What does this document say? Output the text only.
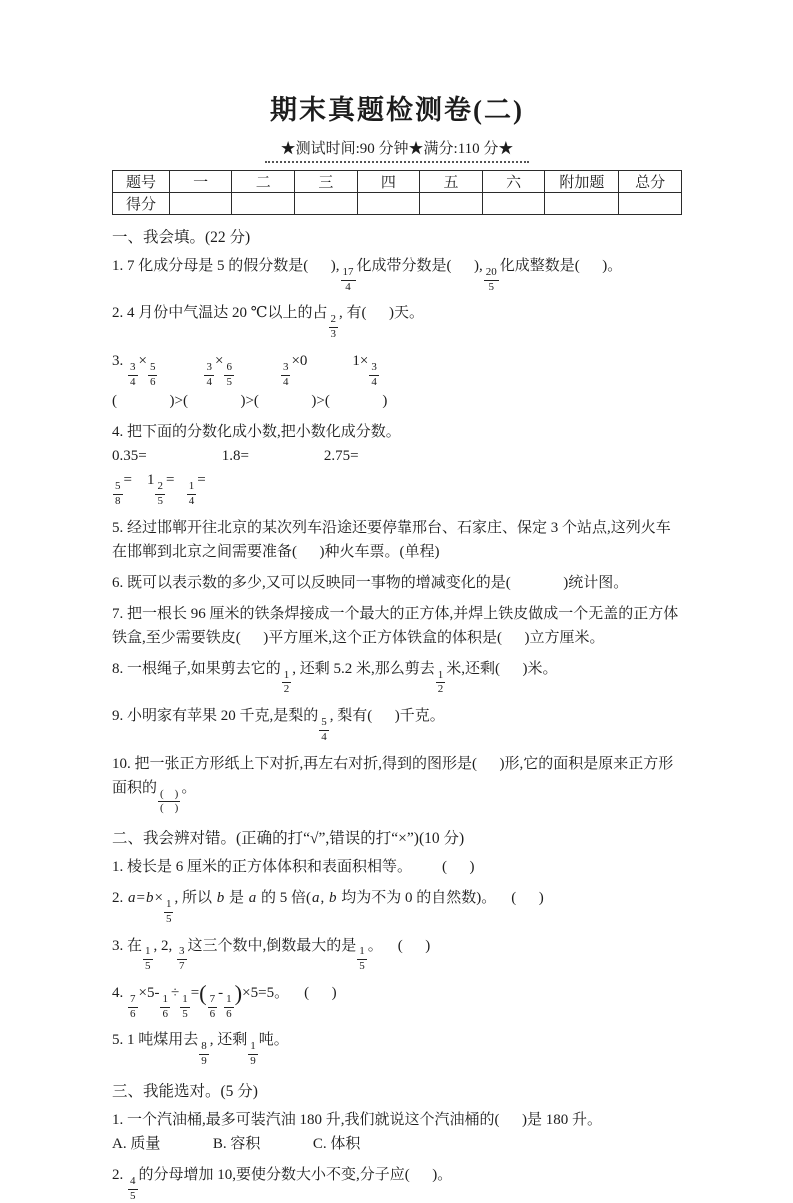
期末真题检测卷(二)
★测试时间:90 分钟★满分:110 分★
题号	一	二	三	四	五	六	附加题	总分
得分								
一、我会填。(22 分)
1. 7 化成分母是 5 的假分数是(      ), $\frac{17}{4}$ 化成带分数是(      ), $\frac{20}{5}$ 化成整数是(      )。
2. 4 月份中气温达 20 ℃以上的占 $\frac{2}{3}$ , 有(      )天。
3. $\frac{3}{4} \times \frac{5}{6}$
	$\frac{3}{4} \times \frac{6}{5}$
	$\frac{3}{4} \times 0$            $1\times \frac{3}{4}$
(              )>(              )>(              )>(              )
4. 把下面的分数化成小数,把小数化成分数。
0.35=                    1.8=                    2.75=
$\frac{5}{8}$ =    $1 \frac{2}{5} = \frac{1}{4}$ =
5. 经过邯郸开往北京的某次列车沿途还要停靠邢台、石家庄、保定 3 个站点,这列火车在邯郸到北京之间需要准备(      )种火车票。(单程)
6. 既可以表示数的多少,又可以反映同一事物的增减变化的是(              )统计图。
7. 把一根长 96 厘米的铁条焊接成一个最大的正方体,并焊上铁皮做成一个无盖的正方体铁盒,至少需要铁皮(      )平方厘米,这个正方体铁盒的体积是(      )立方厘米。
8. 一根绳子,如果剪去它的 $\frac{1}{2}$ , 还剩 5.2 米,那么剪去 $\frac{1}{2}$ 米,还剩(      )米。
9. 小明家有苹果 20 千克,是梨的 $\frac{5}{4}$ , 梨有(      )千克。
10. 把一张正方形纸上下对折,再左右对折,得到的图形是(      )形,它的面积是原来正方形
面积的 $\frac{( )}{( )}$ 。
二、我会辨对错。(正确的打“√”,错误的打“×”)(10 分)
1. 棱长是 6 厘米的正方体体积和表面积相等。        (      )
2. $a=b\times \frac{1}{5}$ , 所以 b 是 a 的 5 倍(a, b 均为不为 0 的自然数)。    (      )
3. 在 $\frac{1}{5}$ , 2, $\frac{3}{7}$ 这三个数中,倒数最大的是 $\frac{1}{5}$ 。    (      )
4. $\frac{7}{6} \times 5- \frac{1}{6} \div \frac{1}{5}$ =(
$\frac{7}{6} - \frac{1}{6}$
)×5=5。    (      )
5. 1 吨煤用去 $\frac{8}{9}$ , 还剩 $\frac{1}{9}$ 吨。
三、我能选对。(5 分)
1. 一个汽油桶,最多可装汽油 180 升,我们就说这个汽油桶的(      )是 180 升。
A. 质量              B. 容积              C. 体积
2. $\frac{4}{5}$ 的分母增加 10,要使分数大小不变,分子应(      )。
